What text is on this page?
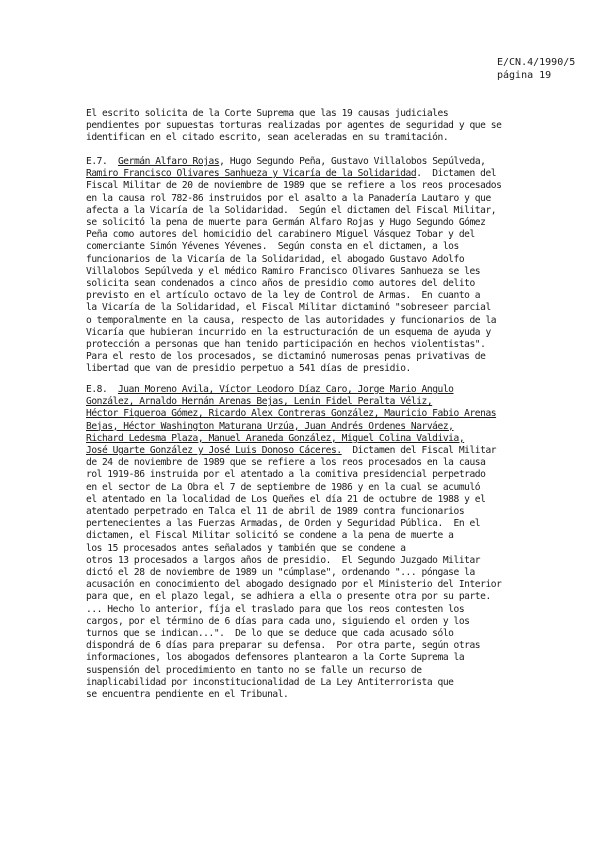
E/CN.4/1990/5
página 19
El escrito solicita de la Corte Suprema que las 19 causas judiciales
pendientes por supuestas torturas realizadas por agentes de seguridad y que se
identifican en el citado escrito, sean aceleradas en su tramitación.
E.7. Germán Alfaro Rojas, Hugo Segundo Peña, Gustavo Villalobos Sepúlveda,
Ramiro Francisco Olivares Sanhueza y Vicaría de la Solidaridad.  Dictamen del
Fiscal Militar de 20 de noviembre de 1989 que se refiere a los reos procesados
en la causa rol 782-86 instruidos por el asalto a la Panadería Lautaro y que
afecta a la Vicaría de la Solidaridad.  Según el dictamen del Fiscal Militar,
se solicitó la pena de muerte para Germán Alfaro Rojas y Hugo Segundo Gómez
Peña como autores del homicidio del carabinero Miguel Vásquez Tobar y del
comerciante Simón Yévenes Yévenes.  Según consta en el dictamen, a los
funcionarios de la Vicaría de la Solidaridad, el abogado Gustavo Adolfo
Villalobos Sepúlveda y el médico Ramiro Francisco Olivares Sanhueza se les
solicita sean condenados a cinco años de presidio como autores del delito
previsto en el artículo octavo de la ley de Control de Armas.  En cuanto a
la Vicaría de la Solidaridad, el Fiscal Militar dictaminó "sobreseer parcial
o temporalmente en la causa, respecto de las autoridades y funcionarios de la
Vicaría que hubieran incurrido en la estructuración de un esquema de ayuda y
protección a personas que han tenido participación en hechos violentistas".
Para el resto de los procesados, se dictaminó numerosas penas privativas de
libertad que van de presidio perpetuo a 541 días de presidio.
E.8. Juan Moreno Avila, Víctor Leodoro Díaz Caro, Jorge Mario Angulo
González, Arnaldo Hernán Arenas Bejas, Lenin Fidel Peralta Véliz,
Héctor Figueroa Gómez, Ricardo Alex Contreras González, Mauricio Fabio Arenas
Bejas, Héctor Washington Maturana Urzúa, Juan Andrés Ordenes Narváez,
Richard Ledesma Plaza, Manuel Araneda González, Miguel Colina Valdivia,
José Ugarte González y José Luis Donoso Cáceres. Dictamen del Fiscal Militar
de 24 de noviembre de 1989 que se refiere a los reos procesados en la causa
rol 1919-86 instruida por el atentado a la comitiva presidencial perpetrado
en el sector de La Obra el 7 de septiembre de 1986 y en la cual se acumuló
el atentado en la localidad de Los Queñes el día 21 de octubre de 1988 y el
atentado perpetrado en Talca el 11 de abril de 1989 contra funcionarios
pertenecientes a las Fuerzas Armadas, de Orden y Seguridad Pública.  En el
dictamen, el Fiscal Militar solicitó se condene a la pena de muerte a
los 15 procesados antes señalados y también que se condene a
otros 13 procesados a largos años de presidio.  El Segundo Juzgado Militar
dictó el 28 de noviembre de 1989 un "cúmplase", ordenando "... póngase la
acusación en conocimiento del abogado designado por el Ministerio del Interior
para que, en el plazo legal, se adhiera a ella o presente otra por su parte.
... Hecho lo anterior, fíja el traslado para que los reos contesten los
cargos, por el término de 6 días para cada uno, siguiendo el orden y los
turnos que se indican...".  De lo que se deduce que cada acusado sólo
dispondrá de 6 días para preparar su defensa.  Por otra parte, según otras
informaciones, los abogados defensores plantearon a la Corte Suprema la
suspensión del procedimiento en tanto no se falle un recurso de
inaplicabilidad por inconstitucionalidad de La Ley Antiterrorista que
se encuentra pendiente en el Tribunal.
